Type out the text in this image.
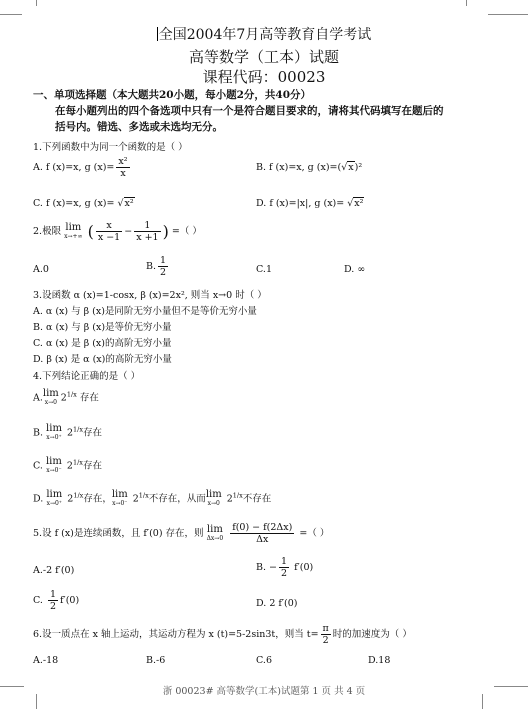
全国2004年7月高等教育自学考试
高等数学（工本）试题
课程代码：00023
一、单项选择题（本大题共20小题，每小题2分，共40分）
在每小题列出的四个备选项中只有一个是符合题目要求的，请将其代码填写在题后的
括号内。错选、多选或未选均无分。
1.下列函数中为同一个函数的是（ ）
A. f (x)=x, g $(x)= \frac{\text{x²}}{x}$	B. f (x)=x, g (x)=(√x)²
C. f (x)=x, g (x)= √x²	D. f (x)=|x|, g (x)= √x²
2.极限 lim
x→+∞ ( $\frac{x}{x -1} - \frac{1}{x +1}$ ) =（ ）
A.0	B. $\frac{1}{2}$	C.1	D. ∞
3.设函数 α (x)=1-cosx, β (x)=2x², 则当 x→0 时（ ）
A. α (x) 与 β (x)是同阶无穷小量但不是等价无穷小量
B. α (x) 与 β (x)是等价无穷小量
C. α (x) 是 β (x)的高阶无穷小量
D. β (x) 是 α (x)的高阶无穷小量
4.下列结论正确的是（ ）
A. lim
x→0 $2^{1/x}$ 存在
B. lim
x→0⁺ $2^{1/x}$存在
C. lim
x→0⁻ $2^{1/x}$存在
D. lim
x→0⁺ $2^{1/x}$存在， lim
x→0⁻ $2^{1/x}$不存在，从而 lim
x→0 $2^{1/x}$不存在
5.设 f (x)是连续函数，且 f′(0) 存在，则 lim
Δx→0
$\frac{f(0) - f(2\Delta x)}{\Delta x}$ =（ ）
A.-2 f′(0)	B. − $\frac{1}{2} f'(0)$
C. $\frac{1}{2} f'(0)$	D. 2 f′(0)
6.设一质点在 x 轴上运动，其运动方程为 x (t)=5-2sin3t，则当 $t= \frac{\pi}{2}$ 时的加速度为（ ）
A.-18	B.-6	C.6	D.18
浙 00023# 高等数学(工本)试题第 1 页 共 4 页
